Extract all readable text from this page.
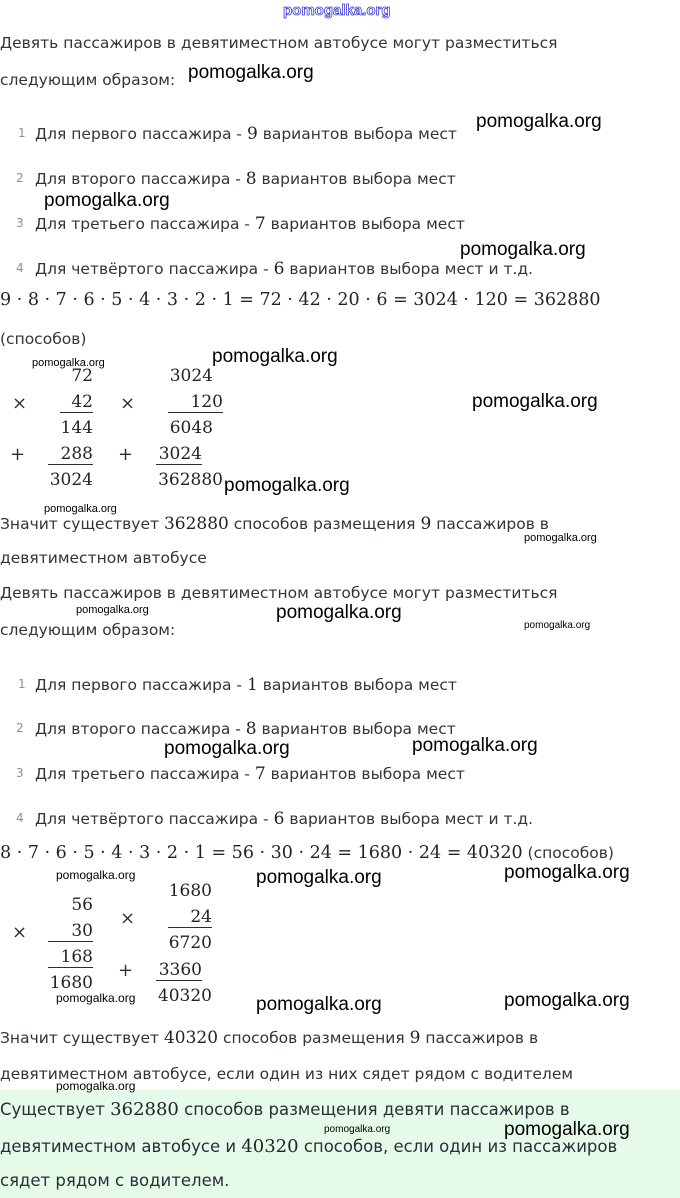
pomogalka.org
Девять пассажиров в девятиместном автобусе могут разместиться
следующим образом:
1 Для первого пассажира - 9 вариантов выбора мест
2 Для второго пассажира - 8 вариантов выбора мест
3 Для третьего пассажира - 7 вариантов выбора мест
4 Для четвёртого пассажира - 6 вариантов выбора мест и т.д.
9 · 8 · 7 · 6 · 5 · 4 · 3 · 2 · 1 = 72 · 42 · 20 · 6 = 3024 · 120 = 362880
(способов)
72
×	42
144
+	288
3024
3024
×	120
6048
+ 3024
362880
Значит существует 362880 способов размещения 9 пассажиров в
девятиместном автобусе
Девять пассажиров в девятиместном автобусе могут разместиться
следующим образом:
1 Для первого пассажира - 1 вариантов выбора мест
2 Для второго пассажира - 8 вариантов выбора мест
3 Для третьего пассажира - 7 вариантов выбора мест
4 Для четвёртого пассажира - 6 вариантов выбора мест и т.д.
8 · 7 · 6 · 5 · 4 · 3 · 2 · 1 = 56 · 30 · 24 = 1680 · 24 = 40320 (способов)
56
×	30
168
1680
1680
×	24
6720
+ 3360
40320
Значит существует 40320 способов размещения 9 пассажиров в
девятиместном автобусе, если один из них сядет рядом с водителем
Существует 362880 способов размещения девяти пассажиров в
девятиместном автобусе и 40320 способов, если один из пассажиров
сядет рядом с водителем.
pomogalka.org
pomogalka.org
pomogalka.org
pomogalka.org
pomogalka.org	pomogalka.org
pomogalka.org
pomogalka.org
pomogalka.org
pomogalka.org
pomogalka.org	pomogalka.org
pomogalka.org
pomogalka.org
pomogalka.org
pomogalka.org	pomogalka.org	pomogalka.org
pomogalka.org	pomogalka.org	pomogalka.org
pomogalka.org
pomogalka.org	pomogalka.org
